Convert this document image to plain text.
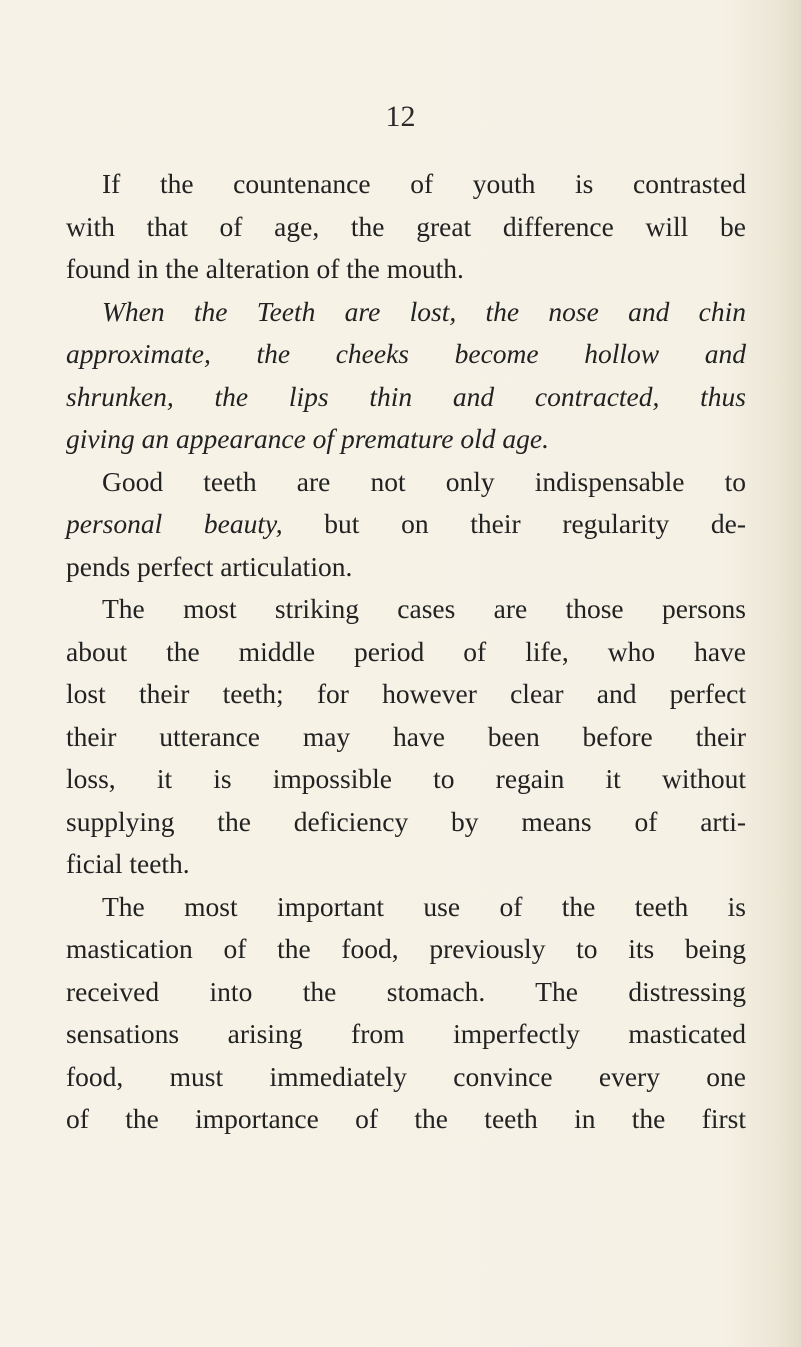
12
If the countenance of youth is contrasted
with that of age, the great difference will be
found in the alteration of the mouth.
When the Teeth are lost, the nose and chin
approximate, the cheeks become hollow and
shrunken, the lips thin and contracted, thus
giving an appearance of premature old age.
Good teeth are not only indispensable to
personal beauty, but on their regularity de-
pends perfect articulation.
The most striking cases are those persons
about the middle period of life, who have
lost their teeth; for however clear and perfect
their utterance may have been before their
loss, it is impossible to regain it without
supplying the deficiency by means of arti-
ficial teeth.
The most important use of the teeth is
mastication of the food, previously to its being
received into the stomach. The distressing
sensations arising from imperfectly masticated
food, must immediately convince every one
of the importance of the teeth in the first
